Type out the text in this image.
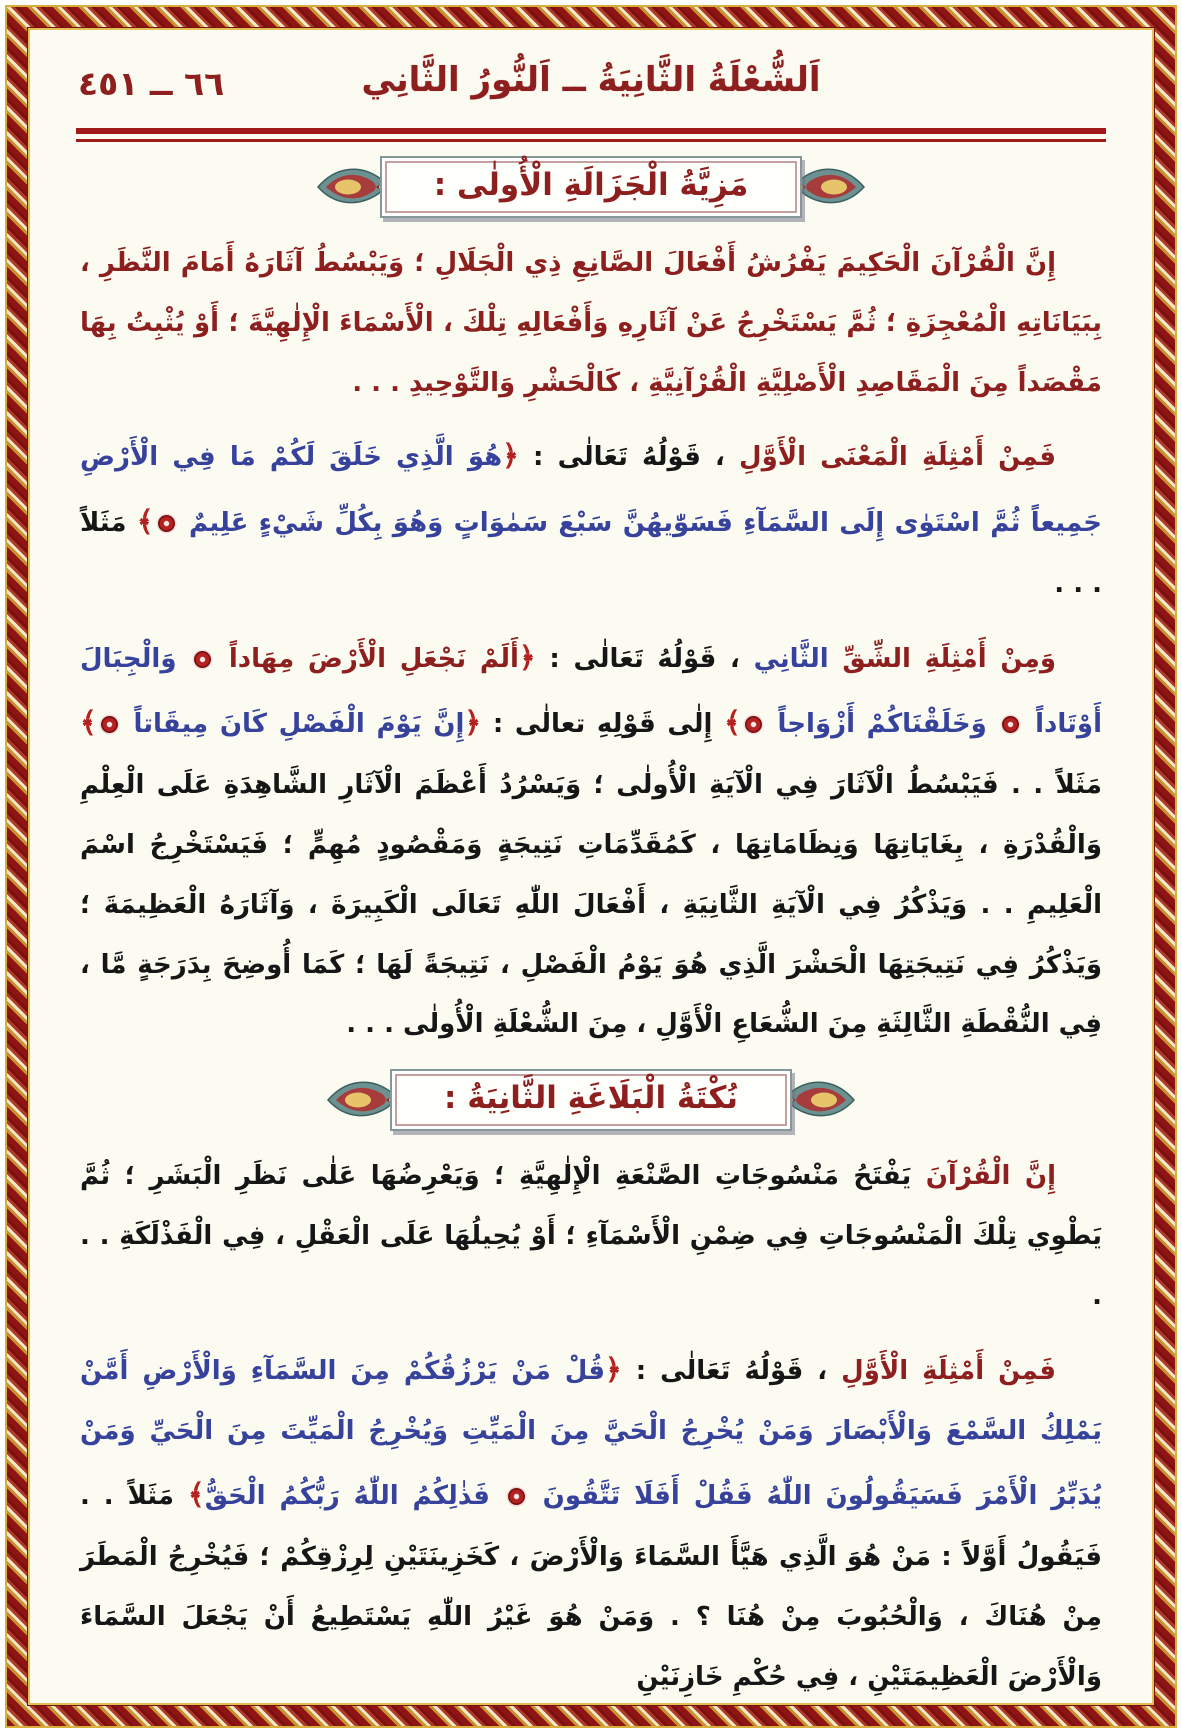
٦٦ ــ ٤٥١	اَلشُّعْلَةُ الثَّانِيَةُ ــ اَلنُّورُ الثَّانِي
مَزِيَّةُ الْجَزَالَةِ الْأُولٰى :

إِنَّ الْقُرْآنَ الْحَكِيمَ يَفْرُشُ أَفْعَالَ الصَّانِعِ ذِي الْجَلَالِ ؛ وَيَبْسُطُ آثَارَهُ أَمَامَ النَّظَرِ ، بِبَيَانَاتِهِ الْمُعْجِزَةِ ؛ ثُمَّ يَسْتَخْرِجُ عَنْ آثَارِهِ وَأَفْعَالِهِ تِلْكَ ، الْأَسْمَاءَ الْإِلٰهِيَّةَ ؛ أَوْ يُثْبِتُ بِهَا مَقْصَداً مِنَ الْمَقَاصِدِ الْأَصْلِيَّةِ الْقُرْآنِيَّةِ ، كَالْحَشْرِ وَالتَّوْحِيدِ . . .

فَمِنْ أَمْثِلَةِ الْمَعْنَى الْأَوَّلِ ، قَوْلُهُ تَعَالٰى : ﴿هُوَ الَّذِي خَلَقَ لَكُمْ مَا فِي الْأَرْضِ جَمِيعاً ثُمَّ اسْتَوٰى إِلَى السَّمَآءِ فَسَوّٰيهُنَّ سَبْعَ سَمٰوَاتٍ وَهُوَ بِكُلِّ شَيْءٍ عَلِيمٌ ﴾ مَثَلاً . . .

وَمِنْ أَمْثِلَةِ الشِّقِّ الثَّانِي ، قَوْلُهُ تَعَالٰى : ﴿أَلَمْ نَجْعَلِ الْأَرْضَ مِهَاداً  وَالْجِبَالَ أَوْتَاداً  وَخَلَقْنَاكُمْ أَزْوَاجاً ﴾ إِلٰى قَوْلِهِ تعالٰى : ﴿إِنَّ يَوْمَ الْفَصْلِ كَانَ مِيقَاتاً ﴾ مَثَلاً . . فَيَبْسُطُ الْآثَارَ فِي الْآيَةِ الْأُولٰى ؛ وَيَسْرُدُ أَعْظَمَ الْآثَارِ الشَّاهِدَةِ عَلَى الْعِلْمِ وَالْقُدْرَةِ ، بِغَايَاتِهَا وَنِظَامَاتِهَا ، كَمُقَدِّمَاتِ نَتِيجَةٍ وَمَقْصُودٍ مُهِمٍّ ؛ فَيَسْتَخْرِجُ اسْمَ الْعَلِيمِ . . وَيَذْكُرُ فِي الْآيَةِ الثَّانِيَةِ ، أَفْعَالَ اللّٰهِ تَعَالَى الْكَبِيرَةَ ، وَآثَارَهُ الْعَظِيمَةَ ؛ وَيَذْكُرُ فِي نَتِيجَتِهَا الْحَشْرَ الَّذِي هُوَ يَوْمُ الْفَصْلِ ، نَتِيجَةً لَهَا ؛ كَمَا أُوضِحَ بِدَرَجَةٍ مَّا ، فِي النُّقْطَةِ الثَّالِثَةِ مِنَ الشُّعَاعِ الْأَوَّلِ ، مِنَ الشُّعْلَةِ الْأُولٰى . . .

نُكْتَةُ الْبَلَاغَةِ الثَّانِيَةُ :

إِنَّ الْقُرْآنَ يَفْتَحُ مَنْسُوجَاتِ الصَّنْعَةِ الْإِلٰهِيَّةِ ؛ وَيَعْرِضُهَا عَلٰى نَظَرِ الْبَشَرِ ؛ ثُمَّ يَطْوِي تِلْكَ الْمَنْسُوجَاتِ فِي ضِمْنِ الْأَسْمَآءِ ؛ أَوْ يُحِيلُهَا عَلَى الْعَقْلِ ، فِي الْفَذْلَكَةِ . . .

فَمِنْ أَمْثِلَةِ الْأَوَّلِ ، قَوْلُهُ تَعَالٰى : ﴿قُلْ مَنْ يَرْزُقُكُمْ مِنَ السَّمَآءِ وَالْأَرْضِ أَمَّنْ يَمْلِكُ السَّمْعَ وَالْأَبْصَارَ وَمَنْ يُخْرِجُ الْحَيَّ مِنَ الْمَيِّتِ وَيُخْرِجُ الْمَيِّتَ مِنَ الْحَيِّ وَمَنْ يُدَبِّرُ الْأَمْرَ فَسَيَقُولُونَ اللّٰهُ فَقُلْ أَفَلَا تَتَّقُونَ  فَذٰلِكُمُ اللّٰهُ رَبُّكُمُ الْحَقُّ﴾ مَثَلاً . . فَيَقُولُ أَوَّلاً : مَنْ هُوَ الَّذِي هَيَّأَ السَّمَاءَ وَالْأَرْضَ ، كَخَزِينَتَيْنِ لِرِزْقِكُمْ ؛ فَيُخْرِجُ الْمَطَرَ مِنْ هُنَاكَ ، وَالْحُبُوبَ مِنْ هُنَا ؟ . وَمَنْ هُوَ غَيْرُ اللّٰهِ يَسْتَطِيعُ أَنْ يَجْعَلَ السَّمَاءَ وَالْأَرْضَ الْعَظِيمَتَيْنِ ، فِي حُكْمِ خَازِنَيْنِ
